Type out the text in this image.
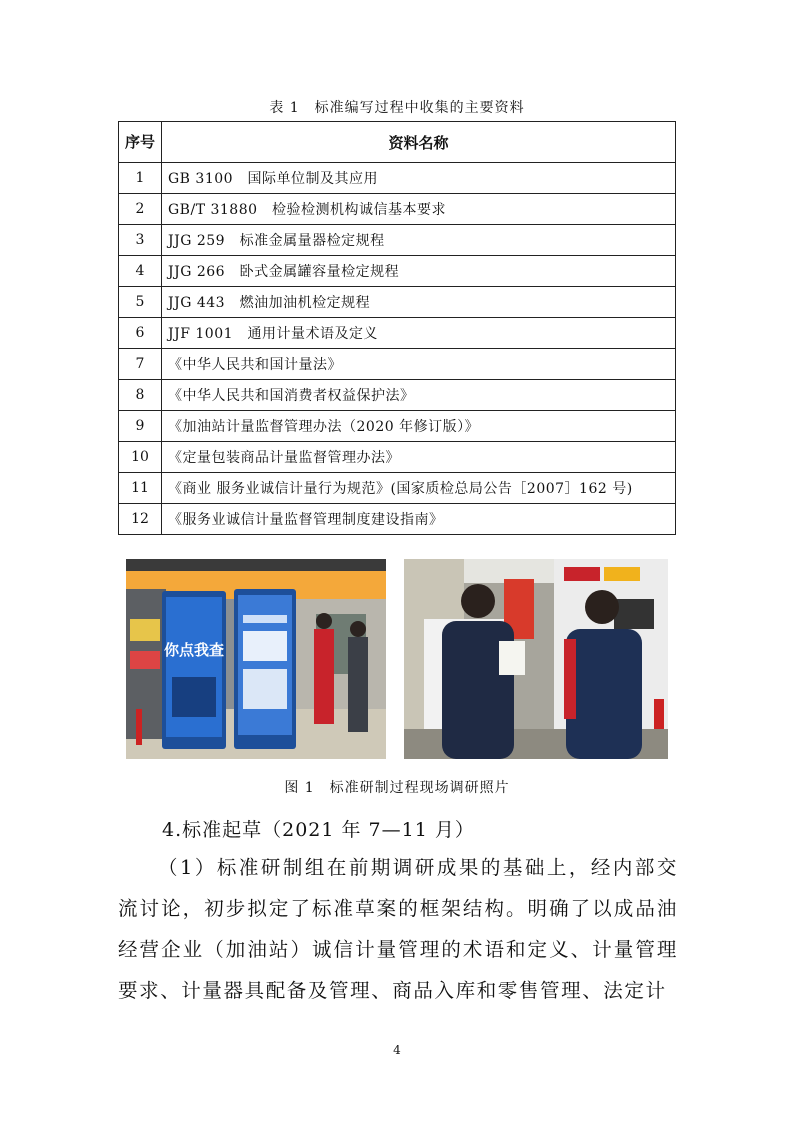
表 1　标准编写过程中收集的主要资料
序号	资料名称
1	GB 3100　国际单位制及其应用
2	GB/T 31880　检验检测机构诚信基本要求
3	JJG 259　标准金属量器检定规程
4	JJG 266　卧式金属罐容量检定规程
5	JJG 443　燃油加油机检定规程
6	JJF 1001　通用计量术语及定义
7	《中华人民共和国计量法》
8	《中华人民共和国消费者权益保护法》
9	《加油站计量监督管理办法（2020 年修订版）》
10	《定量包装商品计量监督管理办法》
11	《商业 服务业诚信计量行为规范》(国家质检总局公告［2007］162 号)
12	《服务业诚信计量监督管理制度建设指南》
你点我查
图 1　标准研制过程现场调研照片
4.标准起草（2021 年 7—11 月）

（1）标准研制组在前期调研成果的基础上，经内部交流讨论，初步拟定了标准草案的框架结构。明确了以成品油经营企业（加油站）诚信计量管理的术语和定义、计量管理要求、计量器具配备及管理、商品入库和零售管理、法定计

4
